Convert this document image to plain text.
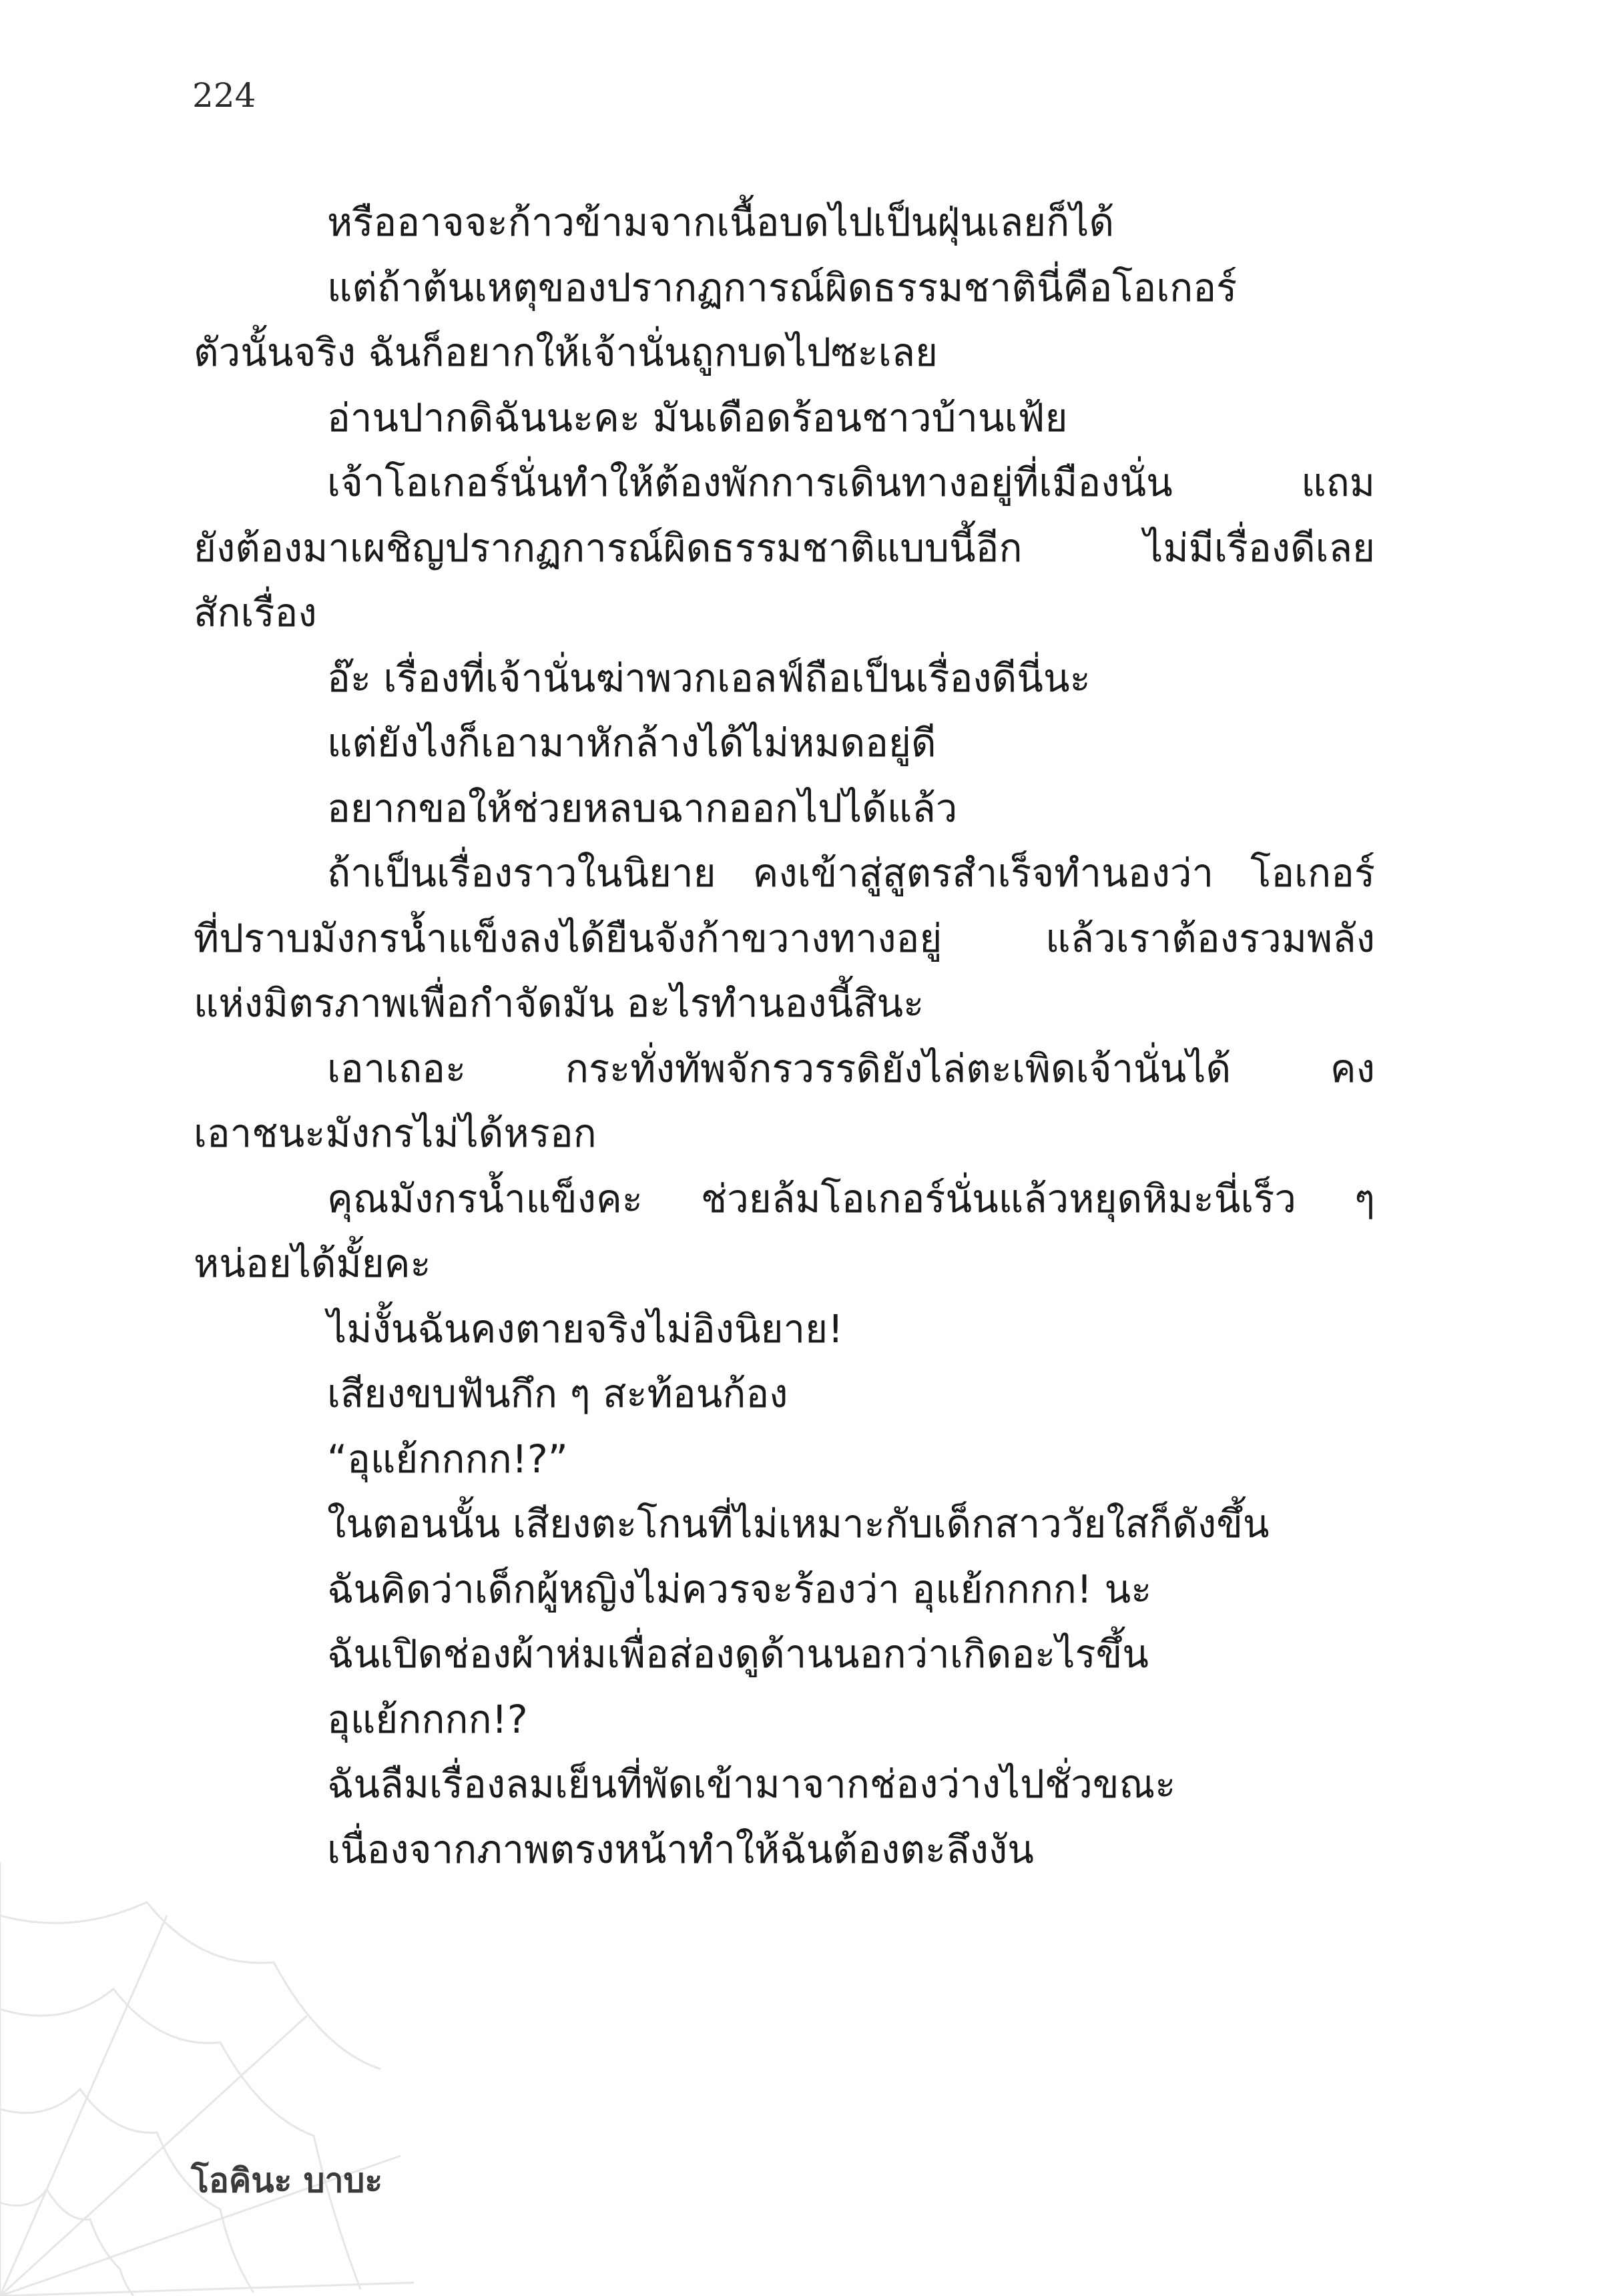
224
หรืออาจจะก้าวข้ามจากเนื้อบดไปเป็นฝุ่นเลยก็ได้
แต่ถ้าต้นเหตุของปรากฏการณ์ผิดธรรมชาตินี่คือโอเกอร์
ตัวนั้นจริง ฉันก็อยากให้เจ้านั่นถูกบดไปซะเลย
อ่านปากดิฉันนะคะ มันเดือดร้อนชาวบ้านเฟ้ย
เจ้าโอเกอร์นั่นทำให้ต้องพักการเดินทางอยู่ที่เมืองนั่น แถม
ยังต้องมาเผชิญปรากฏการณ์ผิดธรรมชาติแบบนี้อีก ไม่มีเรื่องดีเลย
สักเรื่อง
อ๊ะ เรื่องที่เจ้านั่นฆ่าพวกเอลฟ์ถือเป็นเรื่องดีนี่นะ
แต่ยังไงก็เอามาหักล้างได้ไม่หมดอยู่ดี
อยากขอให้ช่วยหลบฉากออกไปได้แล้ว
ถ้าเป็นเรื่องราวในนิยาย คงเข้าสู่สูตรสำเร็จทำนองว่า โอเกอร์
ที่ปราบมังกรน้ำแข็งลงได้ยืนจังก้าขวางทางอยู่ แล้วเราต้องรวมพลัง
แห่งมิตรภาพเพื่อกำจัดมัน อะไรทำนองนี้สินะ
เอาเถอะ กระทั่งทัพจักรวรรดิยังไล่ตะเพิดเจ้านั่นได้ คง
เอาชนะมังกรไม่ได้หรอก
คุณมังกรน้ำแข็งคะ ช่วยล้มโอเกอร์นั่นแล้วหยุดหิมะนี่เร็ว ๆ
หน่อยได้มั้ยคะ
ไม่งั้นฉันคงตายจริงไม่อิงนิยาย!
เสียงขบฟันกึก ๆ สะท้อนก้อง
“อุแย้กกกก!?”
ในตอนนั้น เสียงตะโกนที่ไม่เหมาะกับเด็กสาววัยใสก็ดังขึ้น
ฉันคิดว่าเด็กผู้หญิงไม่ควรจะร้องว่า อุแย้กกกก! นะ
ฉันเปิดช่องผ้าห่มเพื่อส่องดูด้านนอกว่าเกิดอะไรขึ้น
อุแย้กกกก!?
ฉันลืมเรื่องลมเย็นที่พัดเข้ามาจากช่องว่างไปชั่วขณะ
เนื่องจากภาพตรงหน้าทำให้ฉันต้องตะลึงงัน
โอคินะ บาบะ
